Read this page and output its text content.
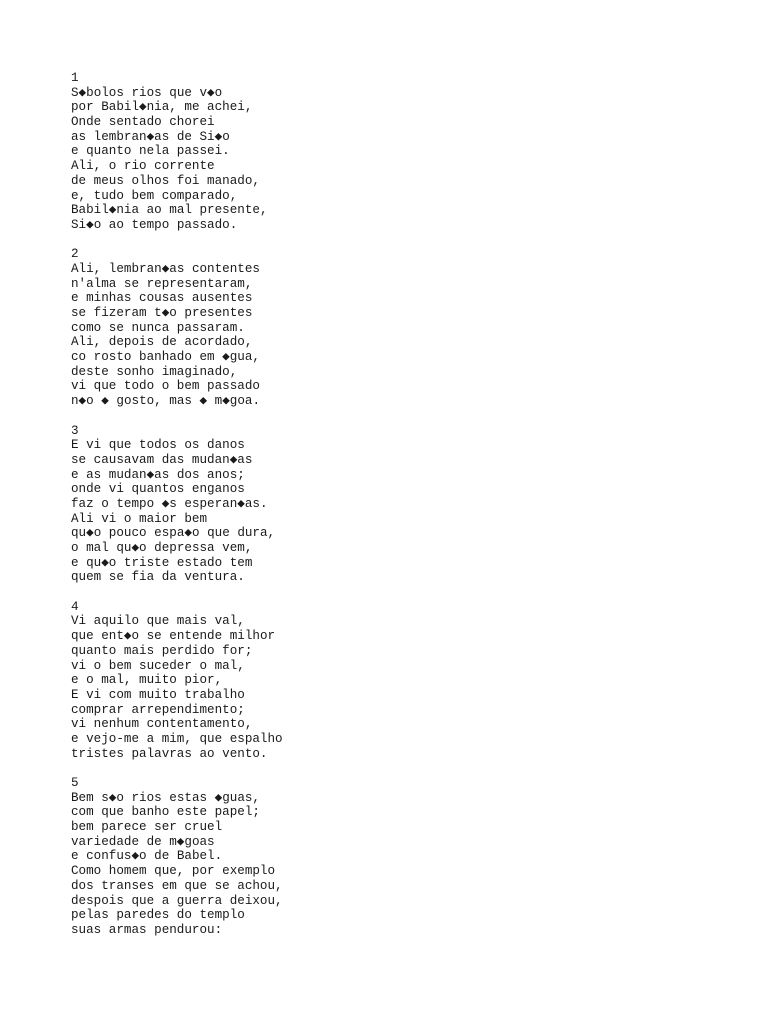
1
S◆bolos rios que v◆o
por Babil◆nia, me achei,
Onde sentado chorei
as lembran◆as de Si◆o
e quanto nela passei.
Ali, o rio corrente
de meus olhos foi manado,
e, tudo bem comparado,
Babil◆nia ao mal presente,
Si◆o ao tempo passado.
2
Ali, lembran◆as contentes
n'alma se representaram,
e minhas cousas ausentes
se fizeram t◆o presentes
como se nunca passaram.
Ali, depois de acordado,
co rosto banhado em ◆gua,
deste sonho imaginado,
vi que todo o bem passado
n◆o ◆ gosto, mas ◆ m◆goa.
3
E vi que todos os danos
se causavam das mudan◆as
e as mudan◆as dos anos;
onde vi quantos enganos
faz o tempo ◆s esperan◆as.
Ali vi o maior bem
qu◆o pouco espa◆o que dura,
o mal qu◆o depressa vem,
e qu◆o triste estado tem
quem se fia da ventura.
4
Vi aquilo que mais val,
que ent◆o se entende milhor
quanto mais perdido for;
vi o bem suceder o mal,
e o mal, muito pior,
E vi com muito trabalho
comprar arrependimento;
vi nenhum contentamento,
e vejo-me a mim, que espalho
tristes palavras ao vento.
5
Bem s◆o rios estas ◆guas,
com que banho este papel;
bem parece ser cruel
variedade de m◆goas
e confus◆o de Babel.
Como homem que, por exemplo
dos transes em que se achou,
despois que a guerra deixou,
pelas paredes do templo
suas armas pendurou:
